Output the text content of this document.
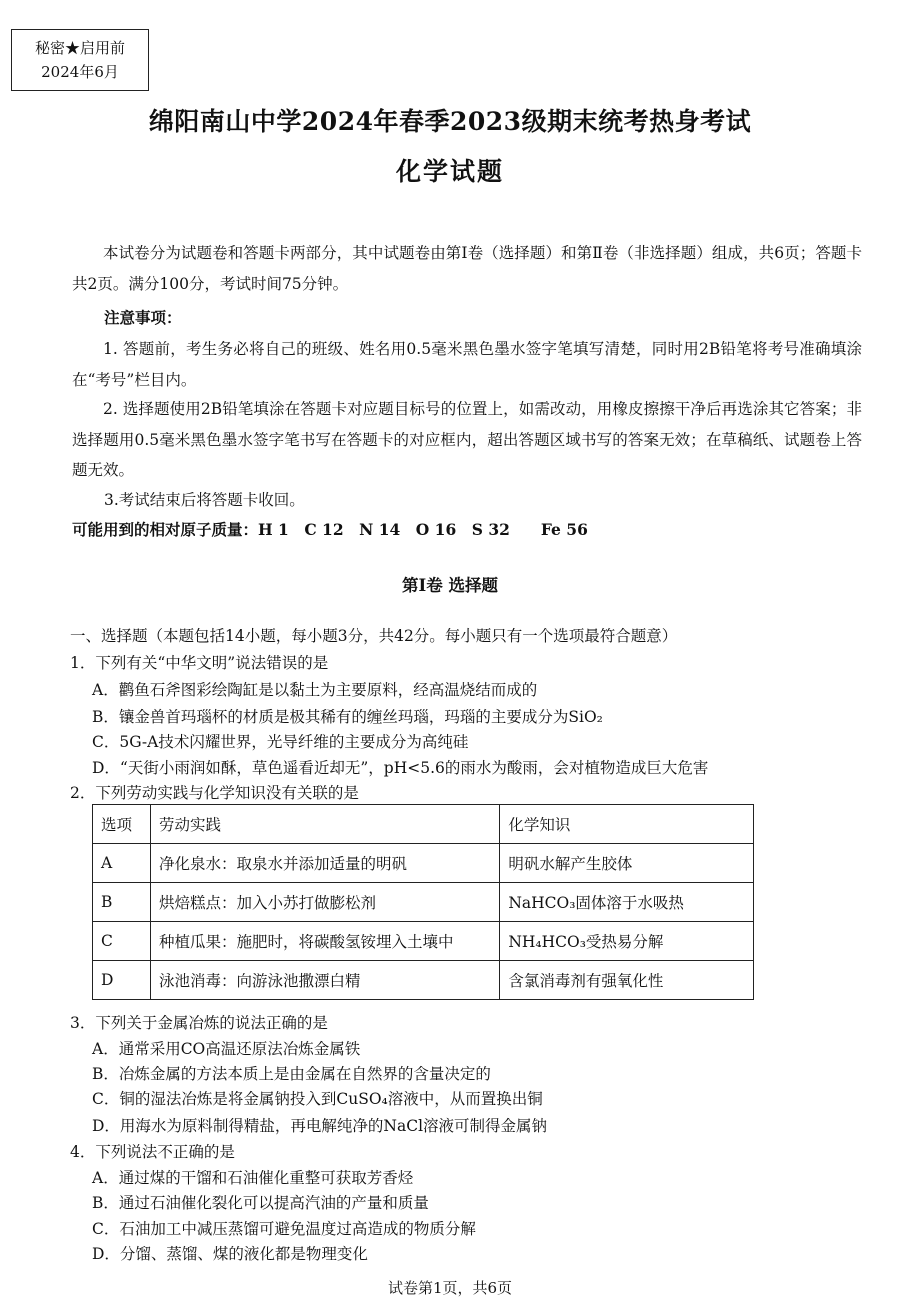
秘密★启用前
2024年6月
绵阳南山中学2024年春季2023级期末统考热身考试
化学试题
本试卷分为试题卷和答题卡两部分，其中试题卷由第Ⅰ卷（选择题）和第Ⅱ卷（非选择题）组成，共6页；答题卡共2页。满分100分，考试时间75分钟。
注意事项：
1. 答题前，考生务必将自己的班级、姓名用0.5毫米黑色墨水签字笔填写清楚，同时用2B铅笔将考号准确填涂在“考号”栏目内。
2. 选择题使用2B铅笔填涂在答题卡对应题目标号的位置上，如需改动，用橡皮擦擦干净后再选涂其它答案；非选择题用0.5毫米黑色墨水签字笔书写在答题卡的对应框内，超出答题区域书写的答案无效；在草稿纸、试题卷上答题无效。
3.考试结束后将答题卡收回。
可能用到的相对原子质量：H 1　C 12　N 14　O 16　S 32　　Fe 56
第Ⅰ卷 选择题
一、选择题（本题包括14小题，每小题3分，共42分。每小题只有一个选项最符合题意）
1．下列有关“中华文明”说法错误的是
A．鹳鱼石斧图彩绘陶缸是以黏土为主要原料，经高温烧结而成的
B．镶金兽首玛瑙杯的材质是极其稀有的缠丝玛瑙，玛瑙的主要成分为SiO₂
C．5G-A技术闪耀世界，光导纤维的主要成分为高纯硅
D．“天街小雨润如酥，草色遥看近却无”，pH<5.6的雨水为酸雨，会对植物造成巨大危害
2．下列劳动实践与化学知识没有关联的是
选项	劳动实践	化学知识
A	净化泉水：取泉水并添加适量的明矾	明矾水解产生胶体
B	烘焙糕点：加入小苏打做膨松剂	NaHCO₃固体溶于水吸热
C	种植瓜果：施肥时，将碳酸氢铵埋入土壤中	NH₄HCO₃受热易分解
D	泳池消毒：向游泳池撒漂白精	含氯消毒剂有强氧化性
3．下列关于金属冶炼的说法正确的是
A．通常采用CO高温还原法冶炼金属铁
B．冶炼金属的方法本质上是由金属在自然界的含量决定的
C．铜的湿法冶炼是将金属钠投入到CuSO₄溶液中，从而置换出铜
D．用海水为原料制得精盐，再电解纯净的NaCl溶液可制得金属钠
4．下列说法不正确的是
A．通过煤的干馏和石油催化重整可获取芳香烃
B．通过石油催化裂化可以提高汽油的产量和质量
C．石油加工中减压蒸馏可避免温度过高造成的物质分解
D．分馏、蒸馏、煤的液化都是物理变化
试卷第1页，共6页
